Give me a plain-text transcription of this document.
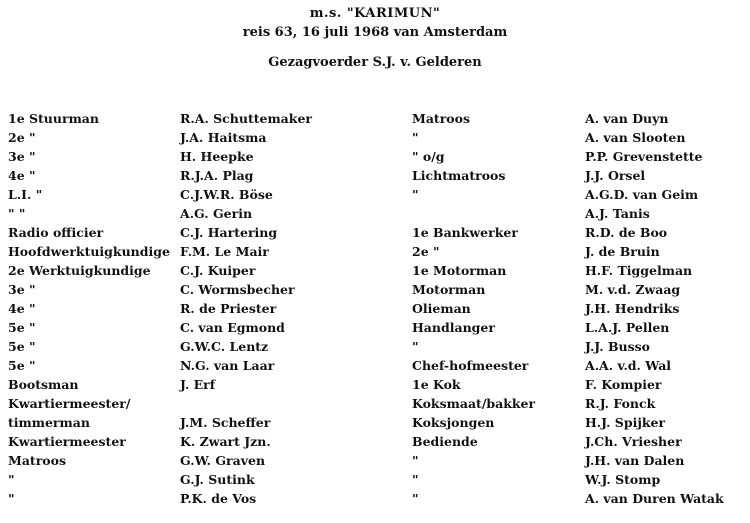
m.s. "KARIMUN"
reis 63, 16 juli 1968 van Amsterdam
Gezagvoerder S.J. v. Gelderen
1e Stuurman
2e "
3e "
4e "
L.I. "
" "
Radio officier
Hoofdwerktuigkundige
2e Werktuigkundige
3e "
4e "
5e "
5e "
5e "
Bootsman
Kwartiermeester/
timmerman
Kwartiermeester
Matroos
"
"
R.A. Schuttemaker
J.A. Haitsma
H. Heepke
R.J.A. Plag
C.J.W.R. Böse
A.G. Gerin
C.J. Hartering
F.M. Le Mair
C.J. Kuiper
C. Wormsbecher
R. de Priester
C. van Egmond
G.W.C. Lentz
N.G. van Laar
J. Erf
J.M. Scheffer
K. Zwart Jzn.
G.W. Graven
G.J. Sutink
P.K. de Vos
Matroos
"
" o/g
Lichtmatroos
"
1e Bankwerker
2e "
1e Motorman
Motorman
Olieman
Handlanger
"
Chef-hofmeester
1e Kok
Koksmaat/bakker
Koksjongen
Bediende
"
"
"
A. van Duyn
A. van Slooten
P.P. Grevenstette
J.J. Orsel
A.G.D. van Geim
A.J. Tanis
R.D. de Boo
J. de Bruin
H.F. Tiggelman
M. v.d. Zwaag
J.H. Hendriks
L.A.J. Pellen
J.J. Busso
A.A. v.d. Wal
F. Kompier
R.J. Fonck
H.J. Spijker
J.Ch. Vriesher
J.H. van Dalen
W.J. Stomp
A. van Duren Watak
